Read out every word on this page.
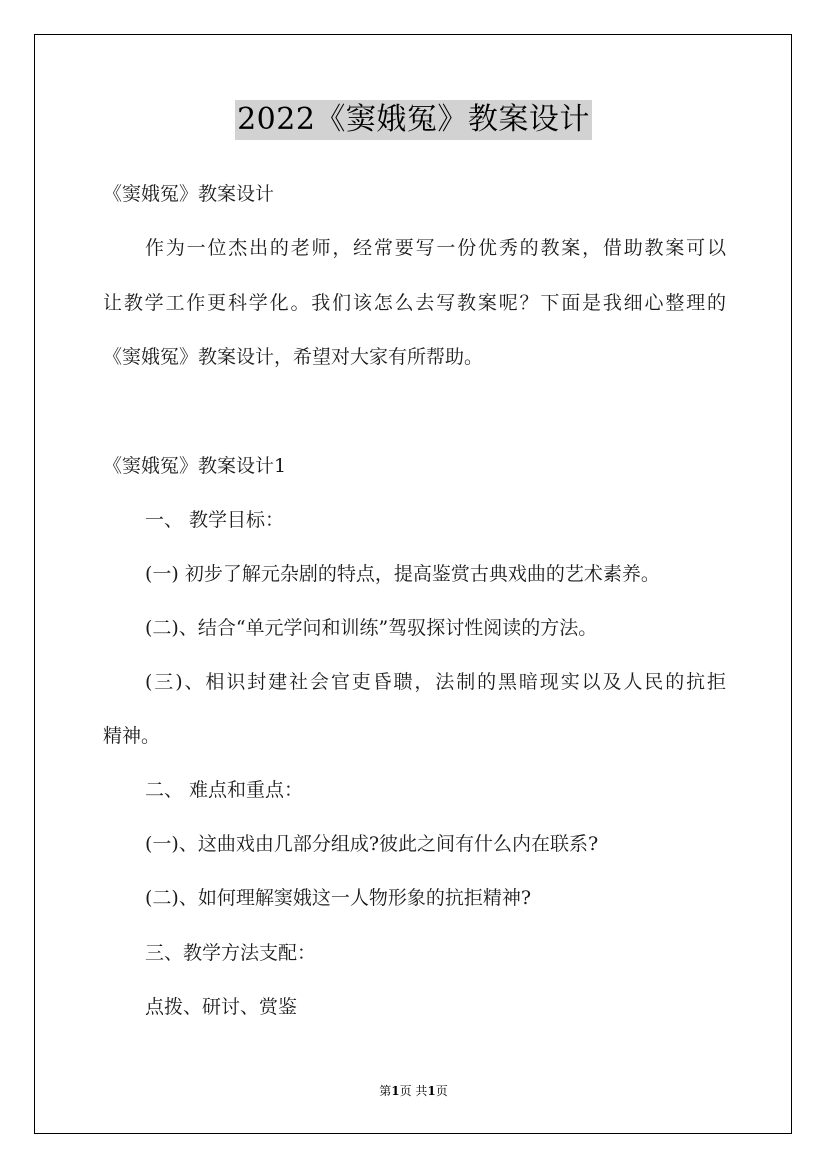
2022《窦娥冤》教案设计
《窦娥冤》教案设计
作为一位杰出的老师，经常要写一份优秀的教案，借助教案可以
让教学工作更科学化。我们该怎么去写教案呢？下面是我细心整理的
《窦娥冤》教案设计，希望对大家有所帮助。
《窦娥冤》教案设计1
一、 教学目标：
(一) 初步了解元杂剧的特点，提高鉴赏古典戏曲的艺术素养。
(二)、结合“单元学问和训练”驾驭探讨性阅读的方法。
(三)、相识封建社会官吏昏聩，法制的黑暗现实以及人民的抗拒
精神。
二、 难点和重点：
(一)、这曲戏由几部分组成?彼此之间有什么内在联系?
(二)、如何理解窦娥这一人物形象的抗拒精神?
三、教学方法支配：
点拨、研讨、赏鉴
第1页 共1页
